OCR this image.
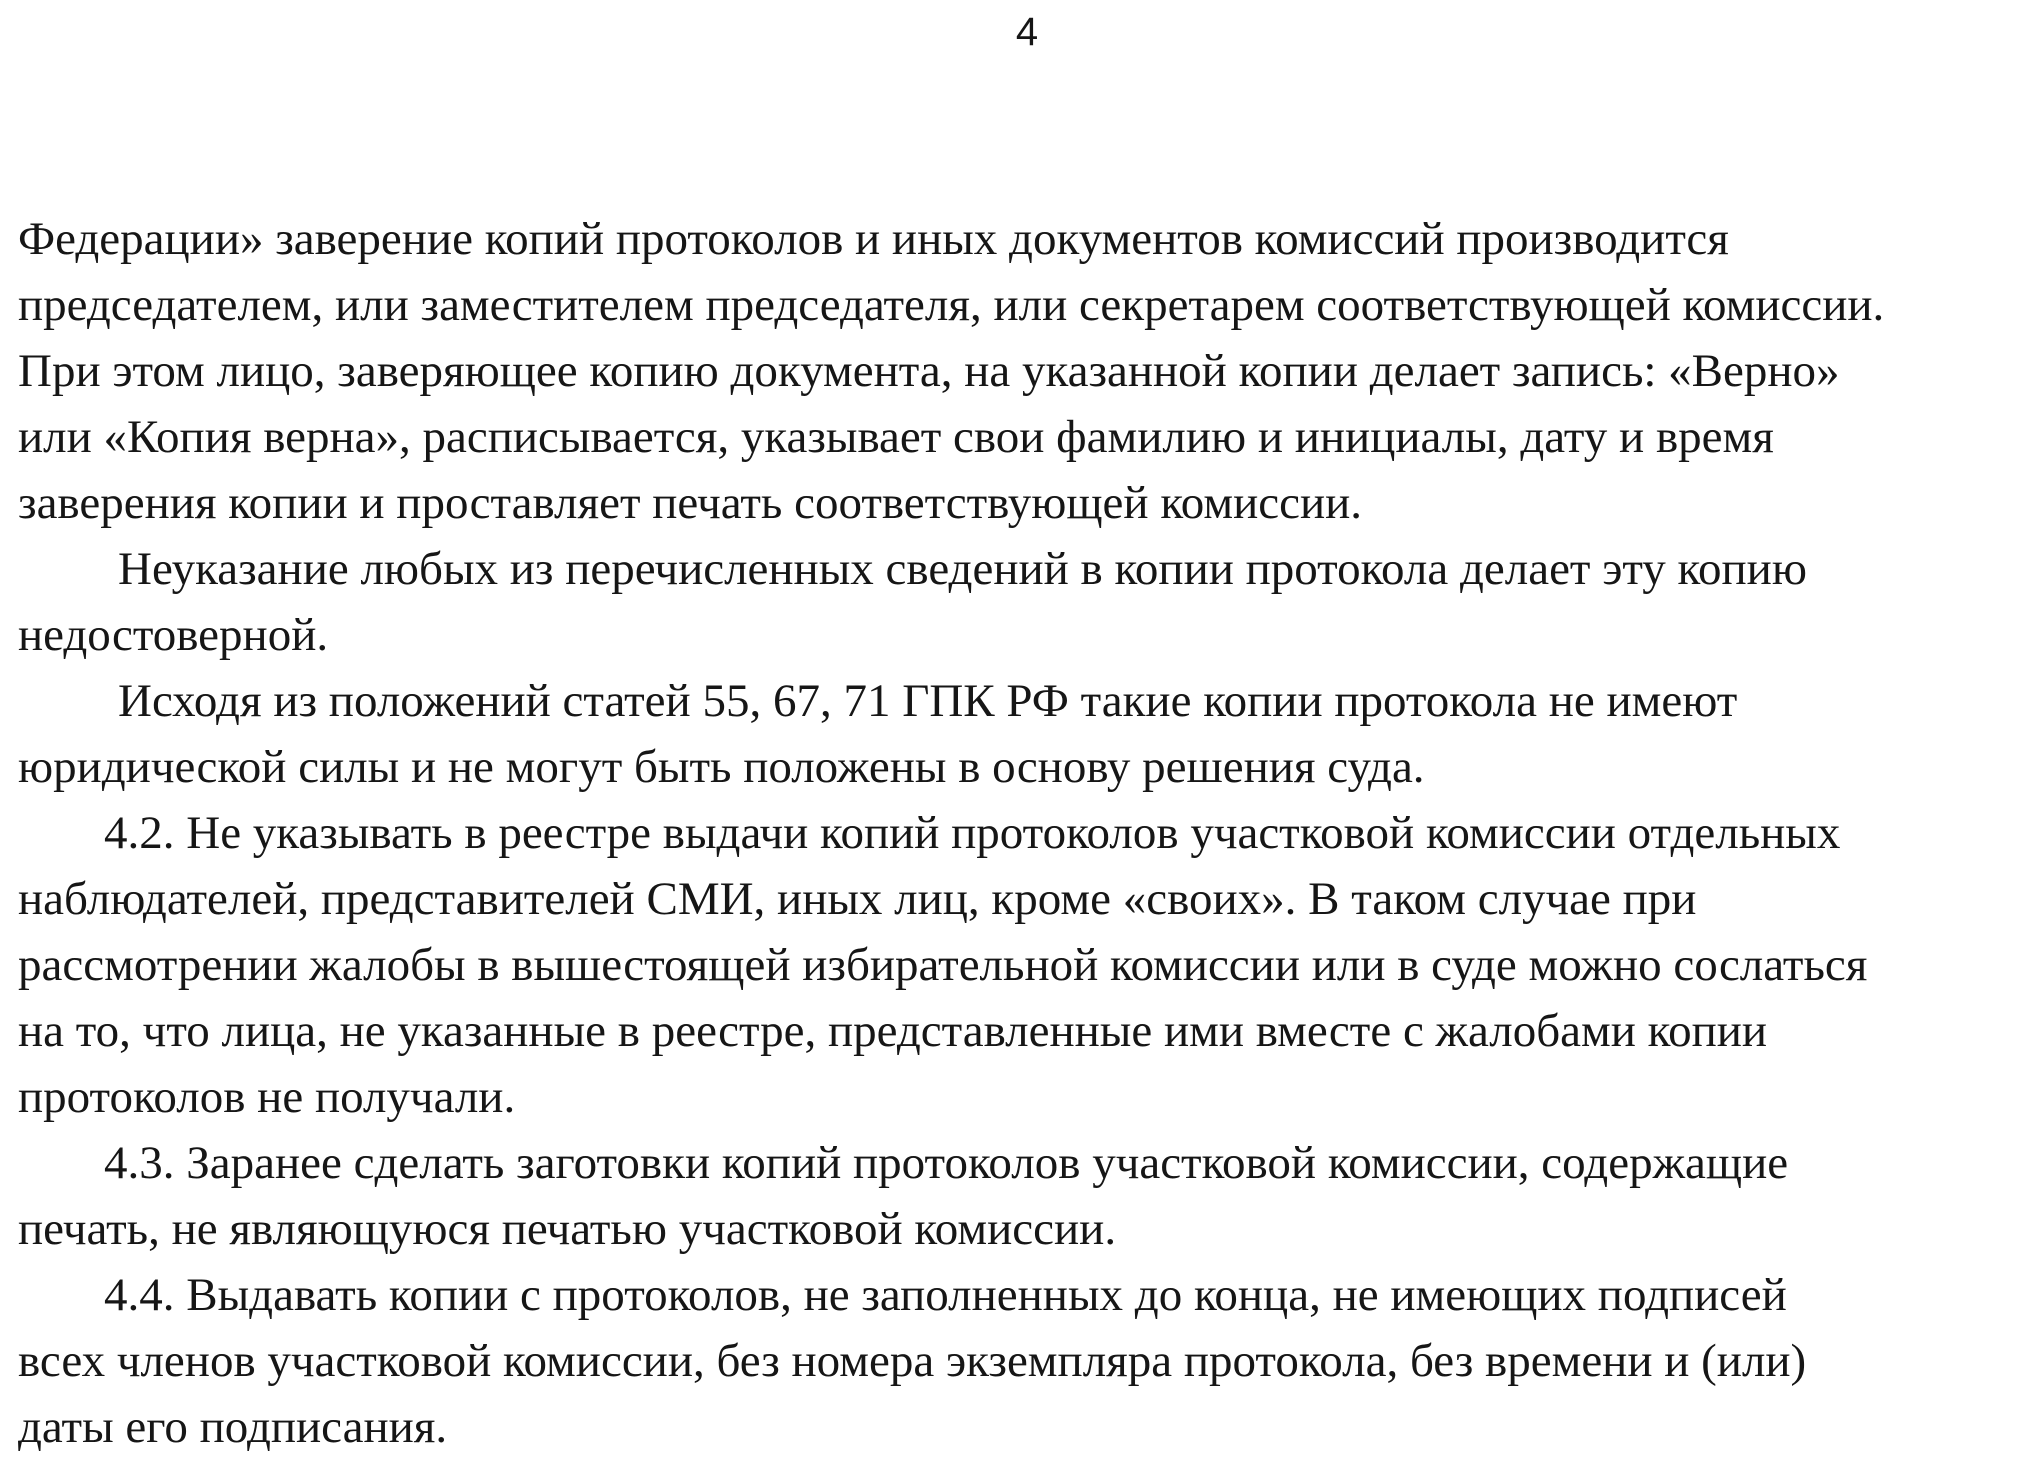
4
Федерации» заверение копий протоколов и иных документов комиссий производится
председателем, или заместителем председателя, или секретарем соответствующей комиссии.
При этом лицо, заверяющее копию документа, на указанной копии делает запись: «Верно»
или «Копия верна», расписывается, указывает свои фамилию и инициалы, дату и время
заверения копии и проставляет печать соответствующей комиссии.
Неуказание любых из перечисленных сведений в копии протокола делает эту копию
недостоверной.
Исходя из положений статей 55, 67, 71 ГПК РФ такие копии протокола не имеют
юридической силы и не могут быть положены в основу решения суда.
4.2. Не указывать в реестре выдачи копий протоколов участковой комиссии отдельных
наблюдателей, представителей СМИ, иных лиц, кроме «своих». В таком случае при
рассмотрении жалобы в вышестоящей избирательной комиссии или в суде можно сослаться
на то, что лица, не указанные в реестре, представленные ими вместе с жалобами копии
протоколов не получали.
4.3. Заранее сделать заготовки копий протоколов участковой комиссии, содержащие
печать, не являющуюся печатью участковой комиссии.
4.4. Выдавать копии с протоколов, не заполненных до конца, не имеющих подписей
всех членов участковой комиссии, без номера экземпляра протокола, без времени и (или)
даты его подписания.
